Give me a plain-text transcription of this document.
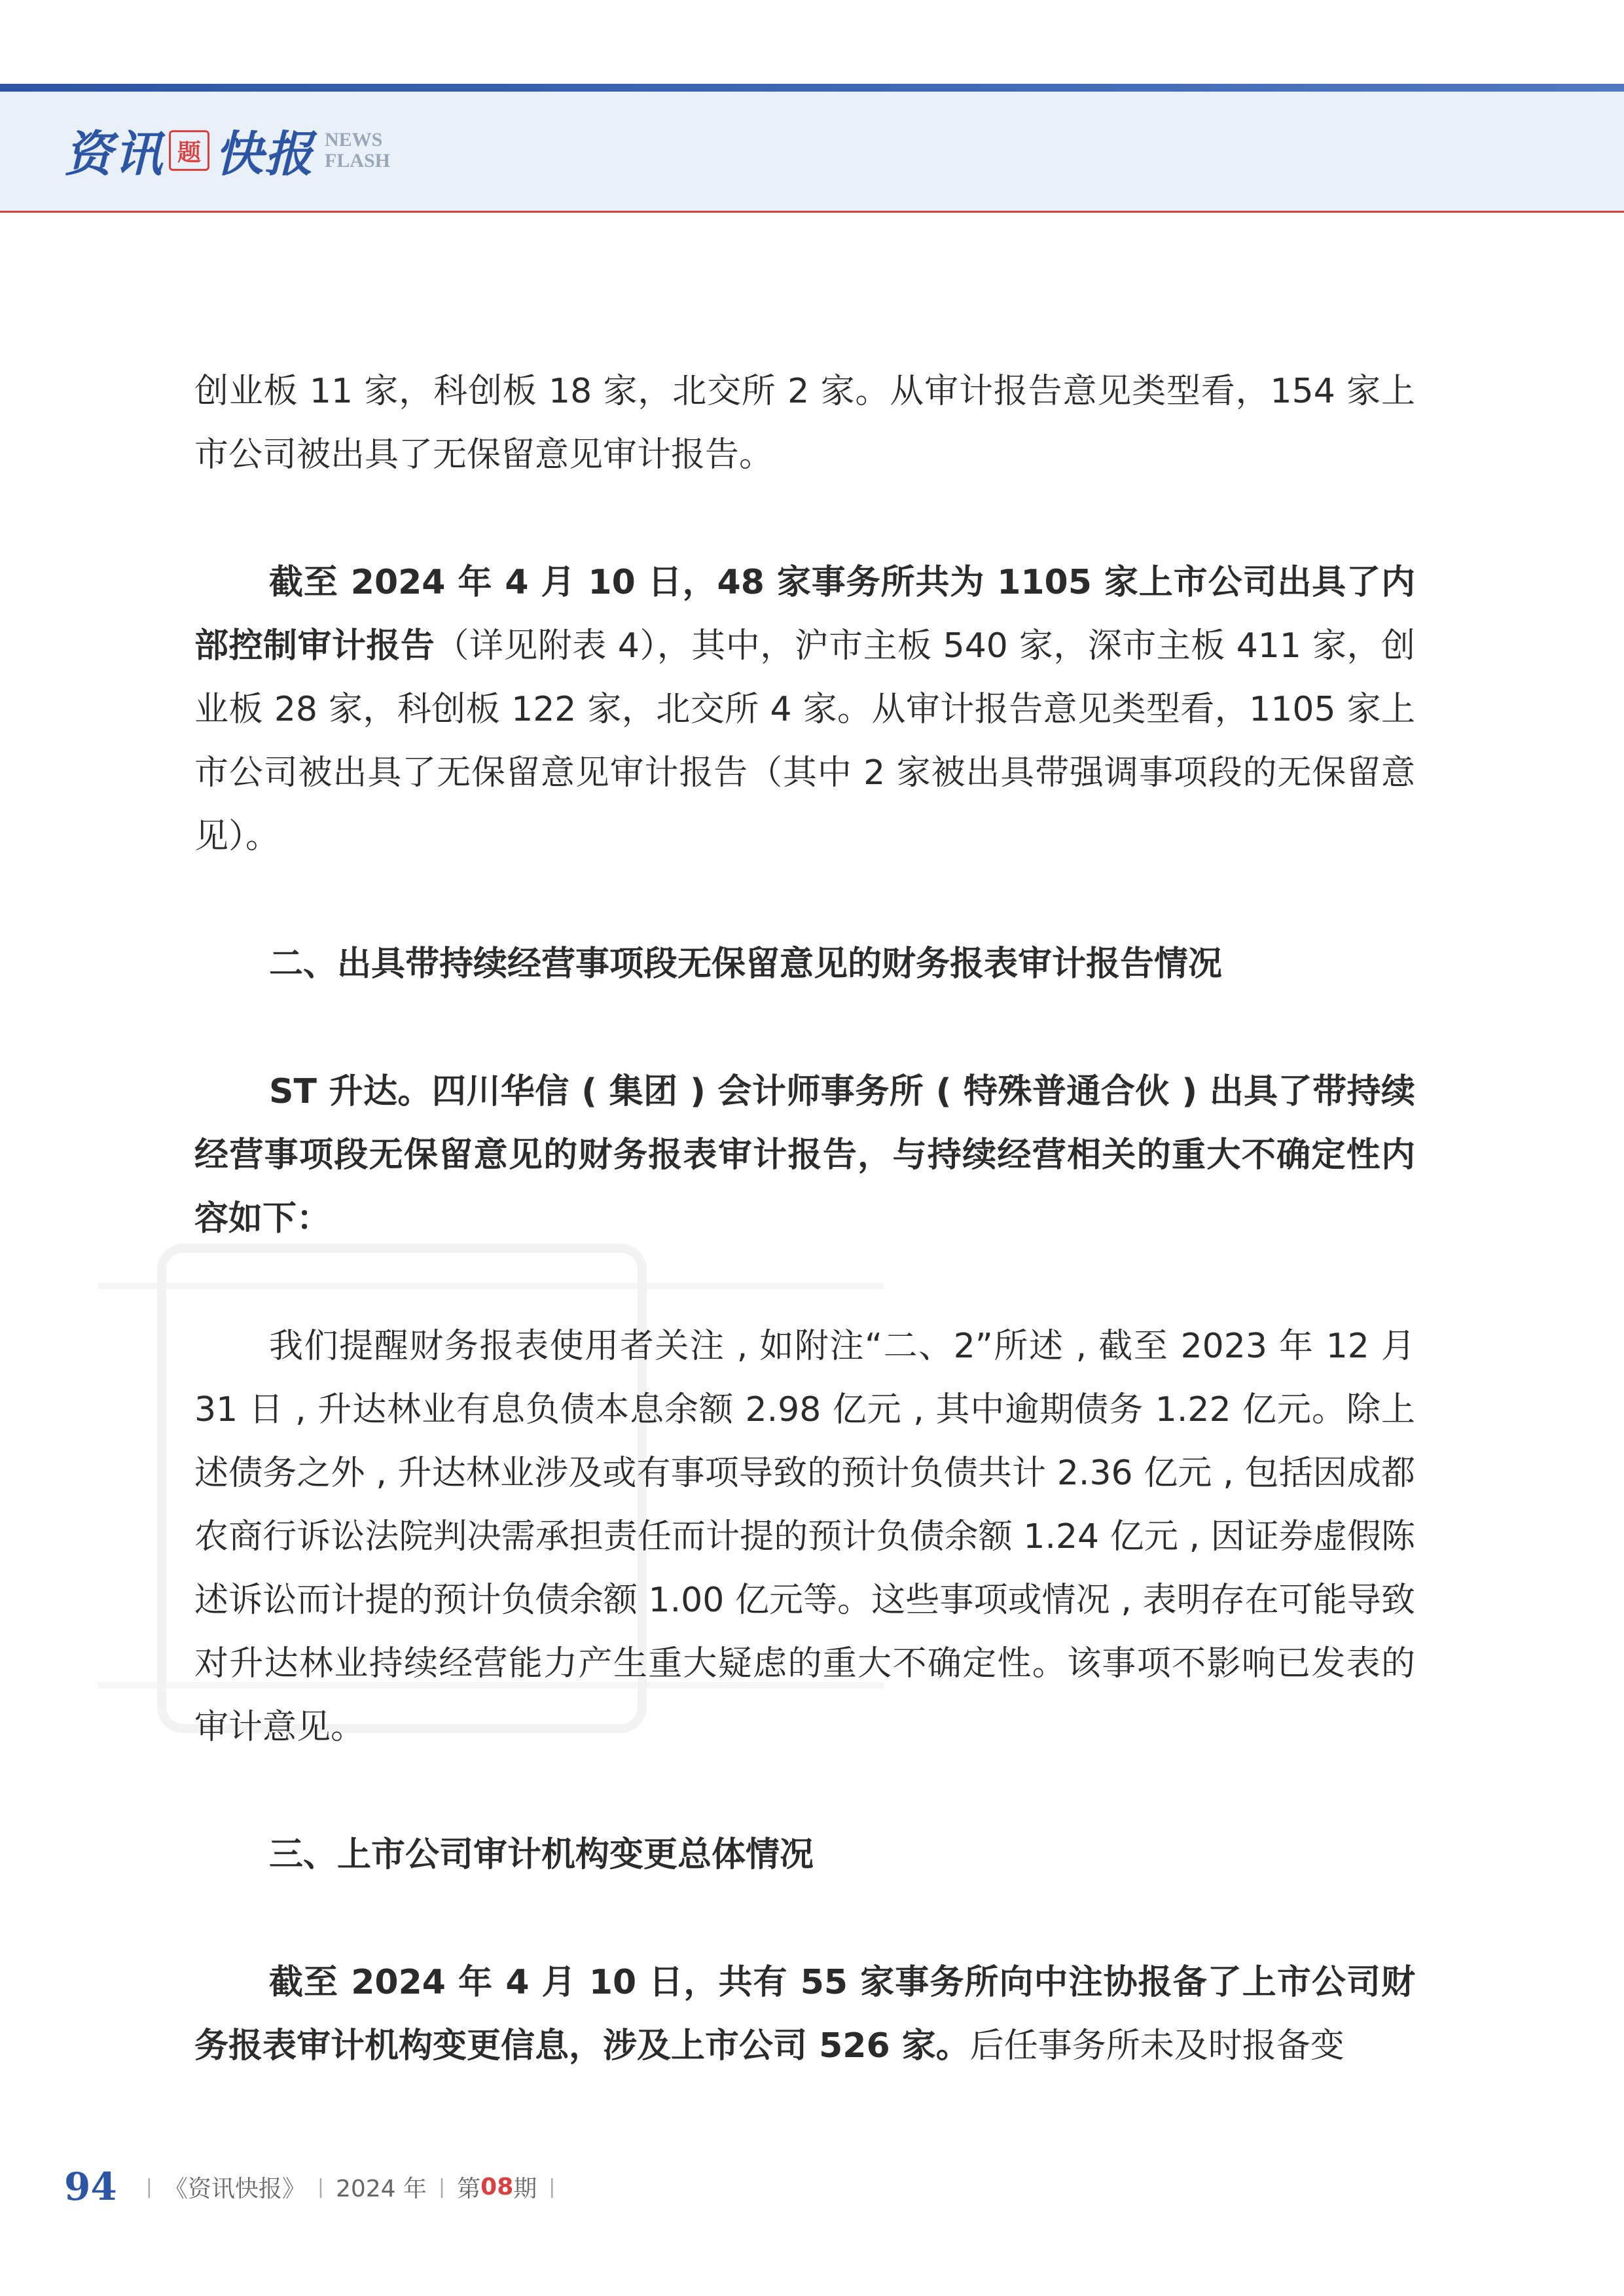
资讯 题 快报 NEWS
FLASH

创业板 11 家，科创板 18 家，北交所 2 家。从审计报告意见类型看，154 家上市公司被出具了无保留意见审计报告。

截至 2024 年 4 月 10 日，48 家事务所共为 1105 家上市公司出具了内部控制审计报告（详见附表 4），其中，沪市主板 540 家，深市主板 411 家，创业板 28 家，科创板 122 家，北交所 4 家。从审计报告意见类型看，1105 家上市公司被出具了无保留意见审计报告（其中 2 家被出具带强调事项段的无保留意见）。

二、出具带持续经营事项段无保留意见的财务报表审计报告情况

ST 升达。四川华信 ( 集团 ) 会计师事务所 ( 特殊普通合伙 ) 出具了带持续经营事项段无保留意见的财务报表审计报告，与持续经营相关的重大不确定性内容如下：

我们提醒财务报表使用者关注 , 如附注“二、2”所述 , 截至 2023 年 12 月 31 日 , 升达林业有息负债本息余额 2.98 亿元 , 其中逾期债务 1.22 亿元。除上述债务之外 , 升达林业涉及或有事项导致的预计负债共计 2.36 亿元 , 包括因成都农商行诉讼法院判决需承担责任而计提的预计负债余额 1.24 亿元 , 因证券虚假陈述诉讼而计提的预计负债余额 1.00 亿元等。这些事项或情况 , 表明存在可能导致对升达林业持续经营能力产生重大疑虑的重大不确定性。该事项不影响已发表的审计意见。

三、上市公司审计机构变更总体情况

截至 2024 年 4 月 10 日，共有 55 家事务所向中注协报备了上市公司财务报表审计机构变更信息，涉及上市公司 526 家。后任事务所未及时报备变

94 | 《资讯快报》 | 2024 年 | 第 08 期 |
